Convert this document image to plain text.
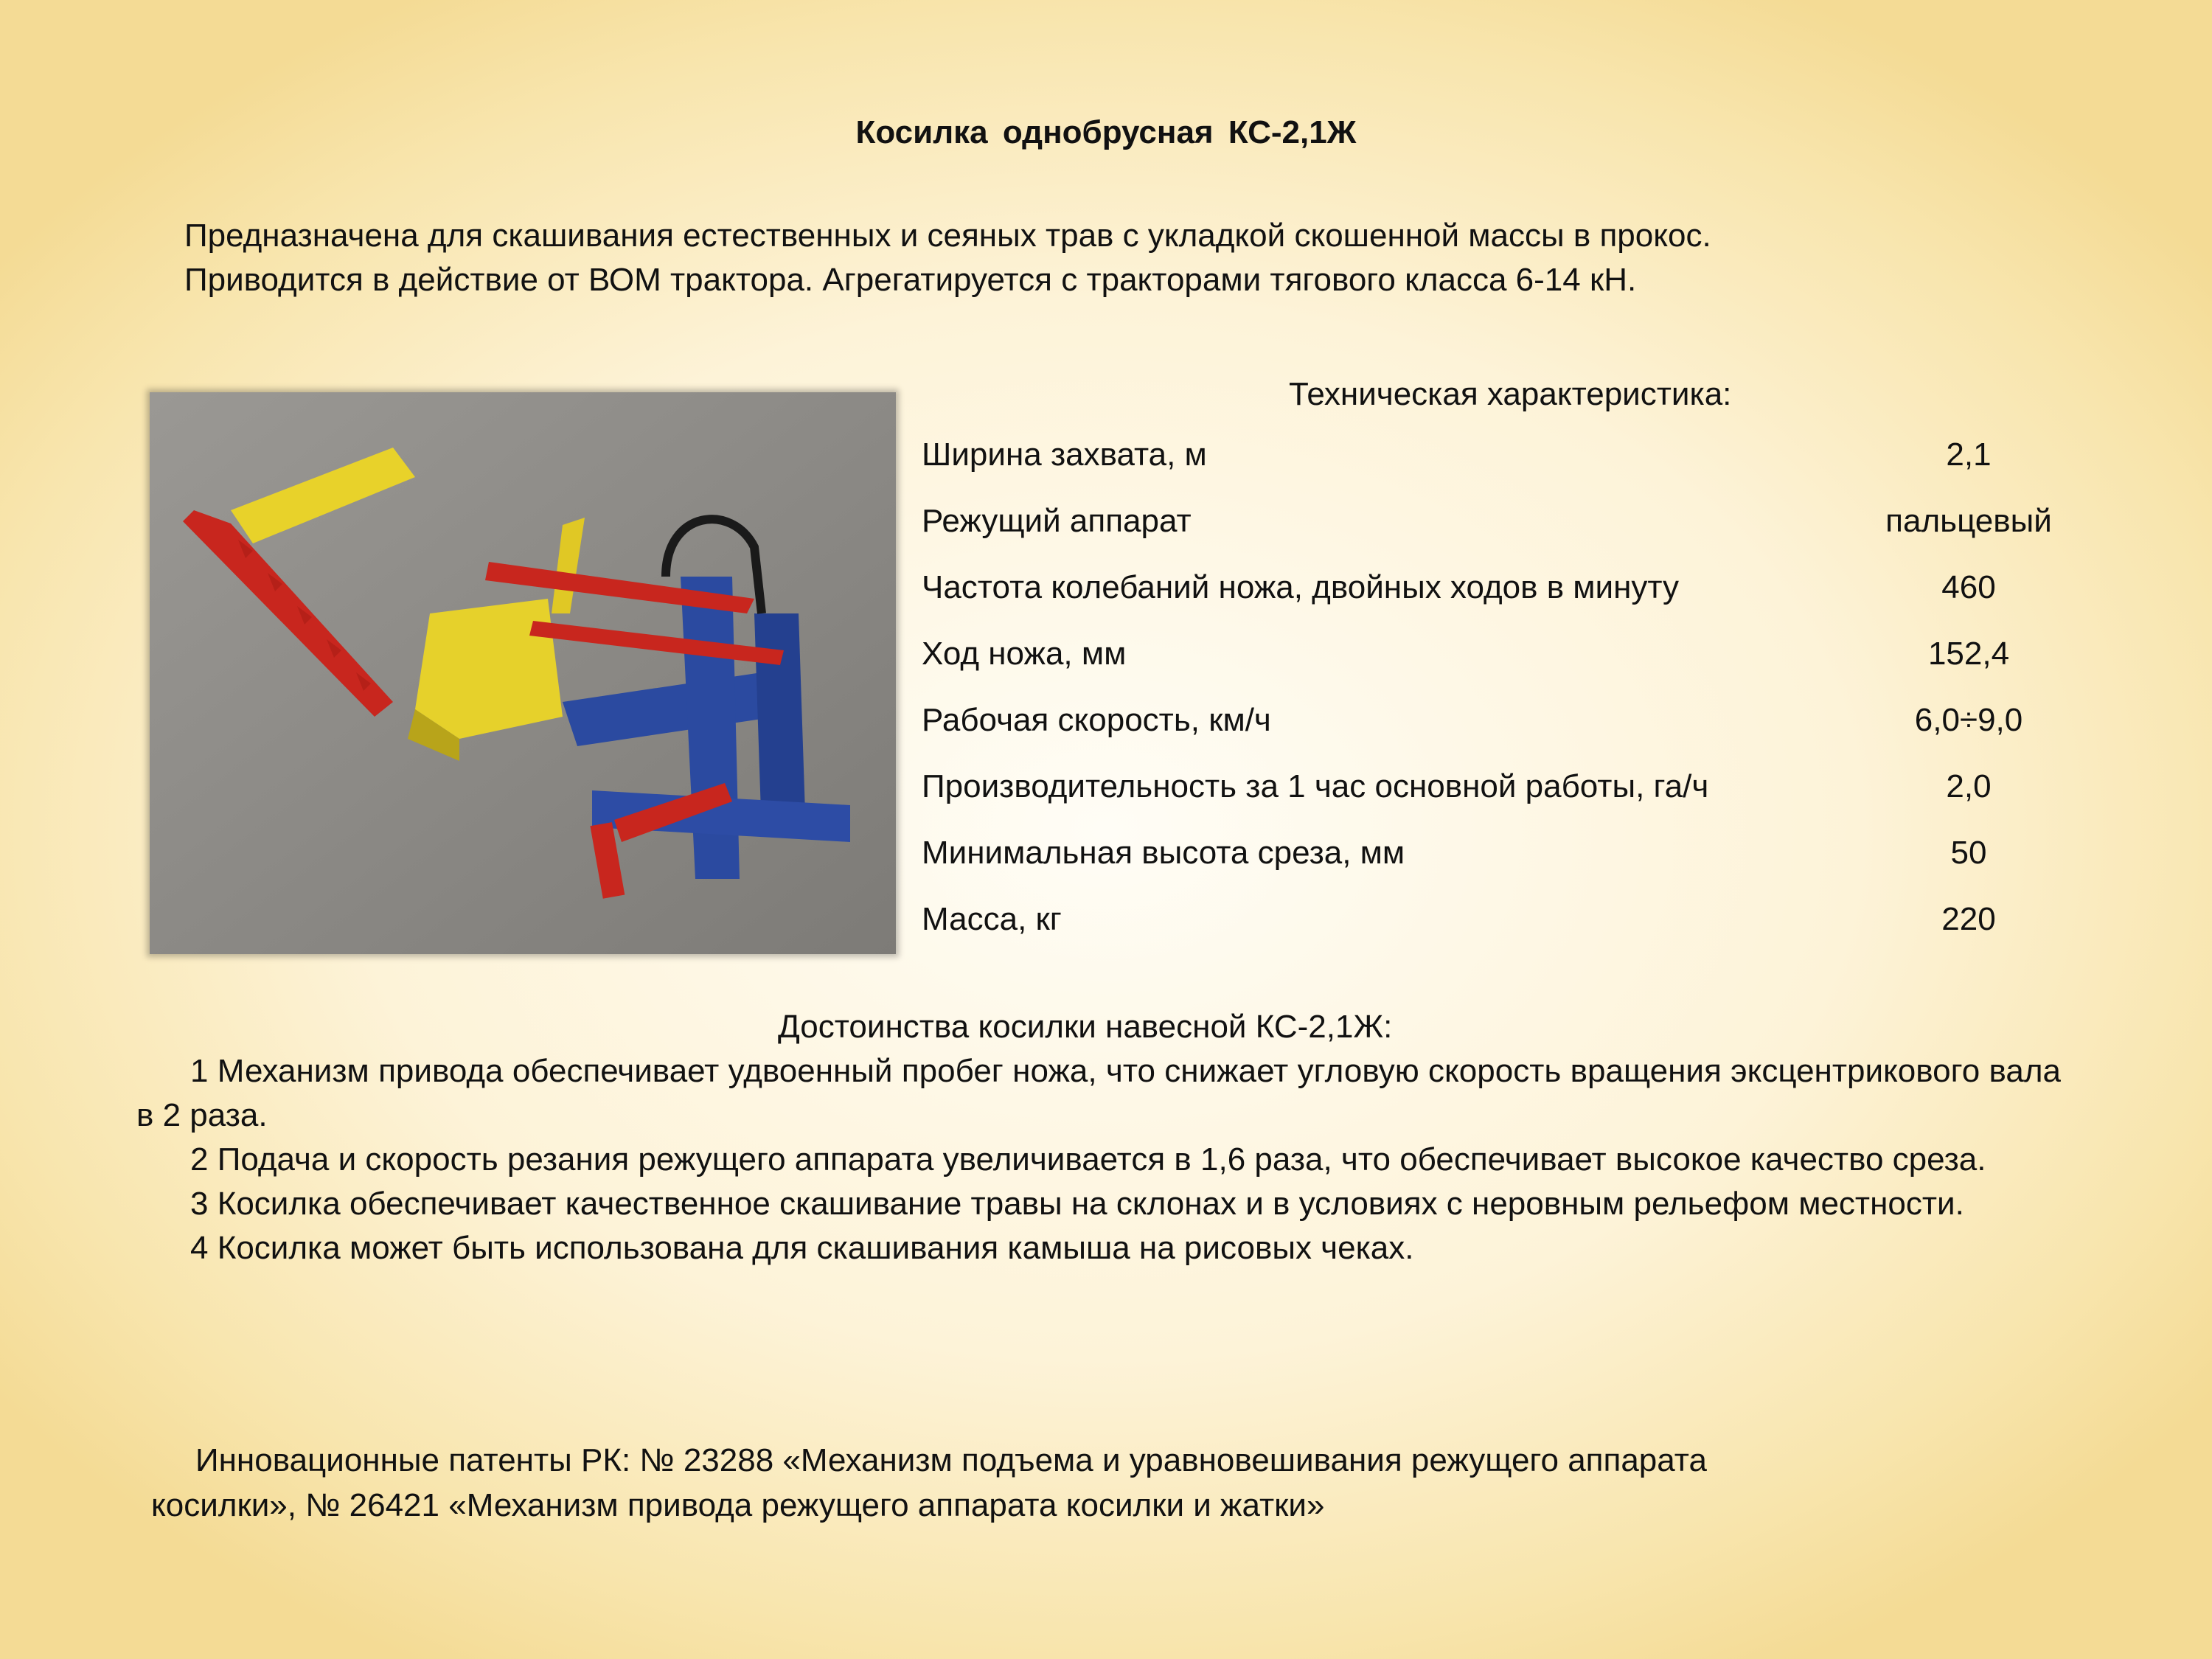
Косилка однобрусная КС-2,1Ж
Предназначена для скашивания естественных и сеяных трав с укладкой скошенной массы в прокос.
Приводится в действие от ВОМ трактора. Агрегатируется с тракторами тягового класса 6-14 кН.
Техническая характеристика:
Ширина захвата, м	2,1
Режущий аппарат	пальцевый
Частота колебаний ножа, двойных ходов в минуту	460
Ход ножа, мм	152,4
Рабочая скорость, км/ч	6,0÷9,0
Производительность за 1 час основной работы, га/ч	2,0
Минимальная высота среза, мм	50
Масса, кг	220
Достоинства косилки навесной КС-2,1Ж:

1 Механизм привода обеспечивает удвоенный пробег ножа, что снижает угловую скорость вращения эксцентрикового вала в 2 раза.

2 Подача и скорость резания режущего аппарата увеличивается в 1,6 раза, что обеспечивает высокое качество среза.

3 Косилка обеспечивает качественное скашивание травы на склонах и в условиях с неровным рельефом местности.

4 Косилка может быть использована для скашивания камыша на рисовых чеках.

Инновационные патенты РК: № 23288 «Механизм подъема и уравновешивания режущего аппарата
косилки», № 26421 «Механизм привода режущего аппарата косилки и жатки»
